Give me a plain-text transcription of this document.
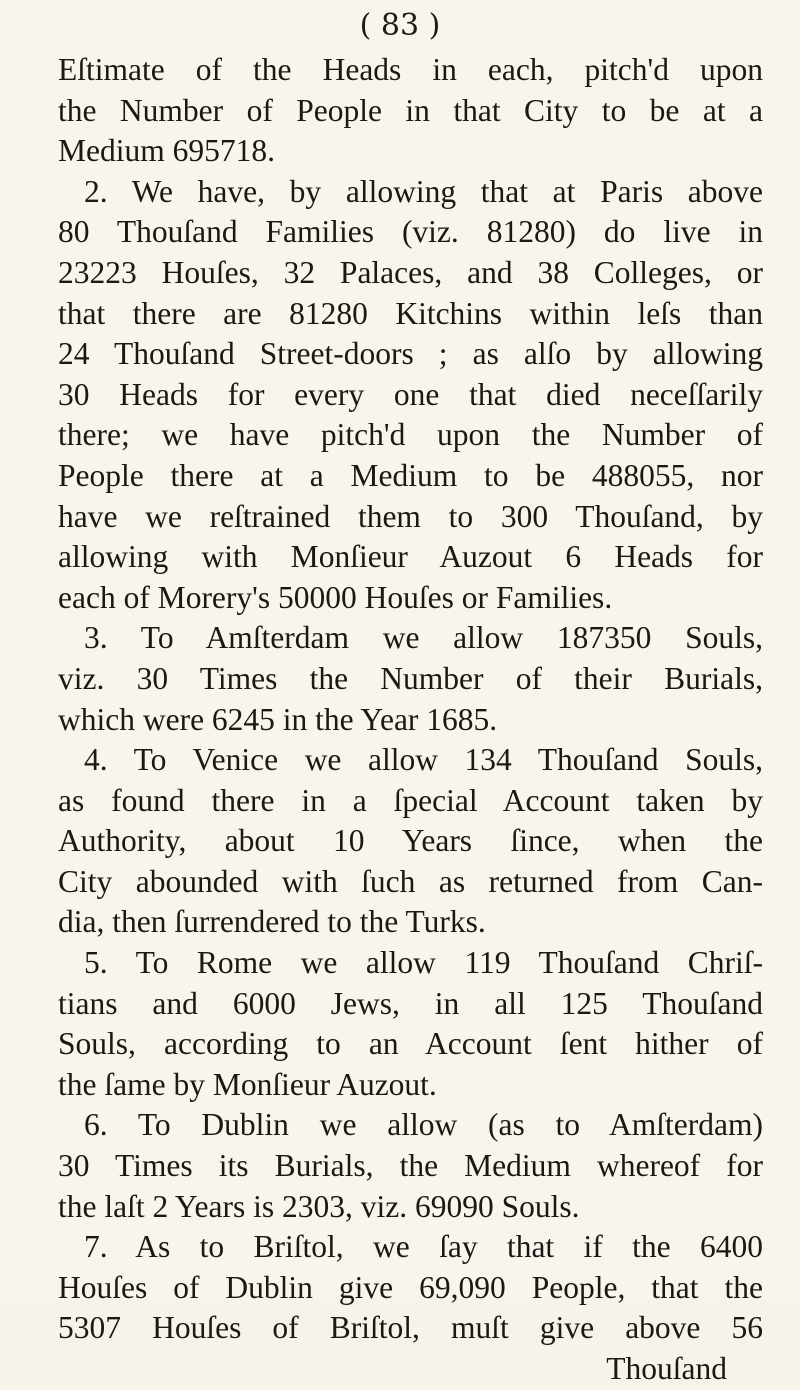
( 83 )
Eſtimate of the Heads in each, pitch'd upon
the Number of People in that City to be at a
Medium 695718.
2. We have, by allowing that at Paris above
80 Thouſand Families (viz. 81280) do live in
23223 Houſes, 32 Palaces, and 38 Colleges, or
that there are 81280 Kitchins within leſs than
24 Thouſand Street-doors ; as alſo by allowing
30 Heads for every one that died neceſſarily
there; we have pitch'd upon the Number of
People there at a Medium to be 488055, nor
have we reſtrained them to 300 Thouſand, by
allowing with Monſieur Auzout 6 Heads for
each of Morery's 50000 Houſes or Families.
3. To Amſterdam we allow 187350 Souls,
viz. 30 Times the Number of their Burials,
which were 6245 in the Year 1685.
4. To Venice we allow 134 Thouſand Souls,
as found there in a ſpecial Account taken by
Authority, about 10 Years ſince, when the
City abounded with ſuch as returned from Can-
dia, then ſurrendered to the Turks.
5. To Rome we allow 119 Thouſand Chriſ-
tians and 6000 Jews, in all 125 Thouſand
Souls, according to an Account ſent hither of
the ſame by Monſieur Auzout.
6. To Dublin we allow (as to Amſterdam)
30 Times its Burials, the Medium whereof for
the laſt 2 Years is 2303, viz. 69090 Souls.
7. As to Briſtol, we ſay that if the 6400
Houſes of Dublin give 69,090 People, that the
5307 Houſes of Briſtol, muſt give above 56
Thouſand
